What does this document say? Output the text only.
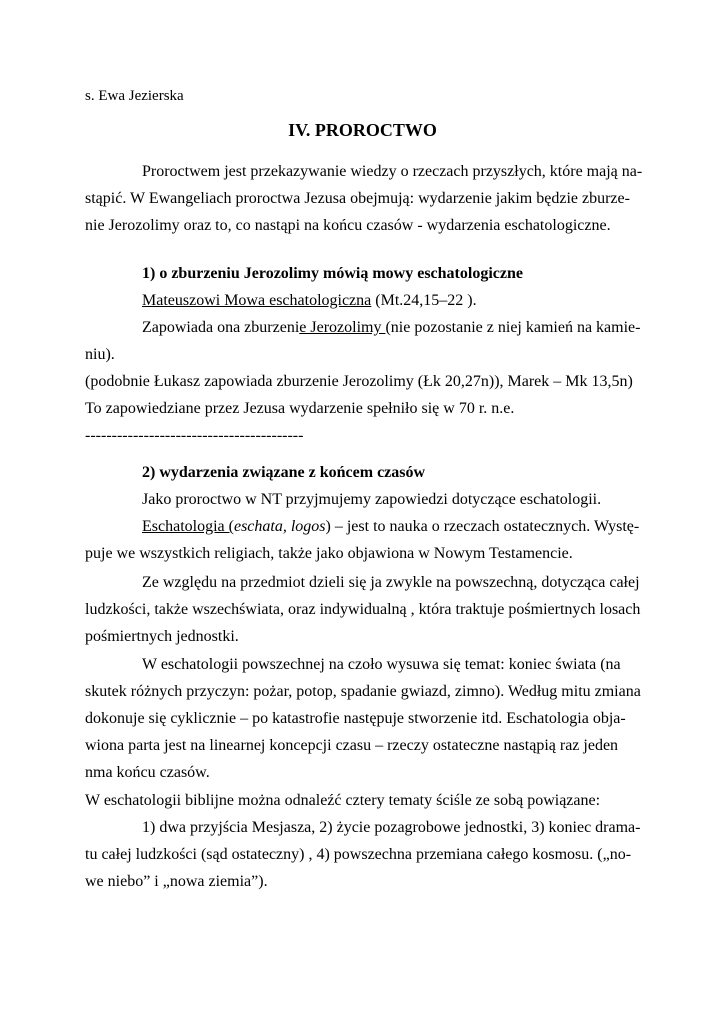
s. Ewa Jezierska
IV. PROROCTWO
Proroctwem jest przekazywanie wiedzy o rzeczach przyszłych, które mają na-
stąpić. W Ewangeliach proroctwa Jezusa obejmują: wydarzenie jakim będzie zburze-
nie Jerozolimy oraz to, co nastąpi na końcu czasów - wydarzenia eschatologiczne.
1) o zburzeniu Jerozolimy mówią mowy eschatologiczne
Mateuszowi Mowa eschatologiczna (Mt.24,15–22 ).
Zapowiada ona zburzenie Jerozolimy (nie pozostanie z niej kamień na kamie-
niu).
(podobnie Łukasz zapowiada zburzenie Jerozolimy (Łk 20,27n)), Marek – Mk 13,5n)
To zapowiedziane przez Jezusa wydarzenie spełniło się w 70 r. n.e.
-----------------------------------------
2) wydarzenia związane z końcem czasów
Jako proroctwo w NT przyjmujemy zapowiedzi dotyczące eschatologii.
Eschatologia (eschata, logos) – jest to nauka o rzeczach ostatecznych. Wystę-
puje we wszystkich religiach, także jako objawiona w Nowym Testamencie.
Ze względu na przedmiot dzieli się ja zwykle na powszechną, dotycząca całej
ludzkości, także wszechświata, oraz indywidualną , która traktuje pośmiertnych losach
pośmiertnych jednostki.
W eschatologii powszechnej na czoło wysuwa się temat: koniec świata (na
skutek różnych przyczyn: pożar, potop, spadanie gwiazd, zimno). Według mitu zmiana
dokonuje się cyklicznie – po katastrofie następuje stworzenie itd. Eschatologia obja-
wiona parta jest na linearnej koncepcji czasu – rzeczy ostateczne nastąpią raz jeden
nma końcu czasów.
W eschatologii biblijne można odnaleźć cztery tematy ściśle ze sobą powiązane:
1) dwa przyjścia Mesjasza, 2) życie pozagrobowe jednostki, 3) koniec drama-
tu całej ludzkości (sąd ostateczny) , 4) powszechna przemiana całego kosmosu. („no-
we niebo” i „nowa ziemia”).
